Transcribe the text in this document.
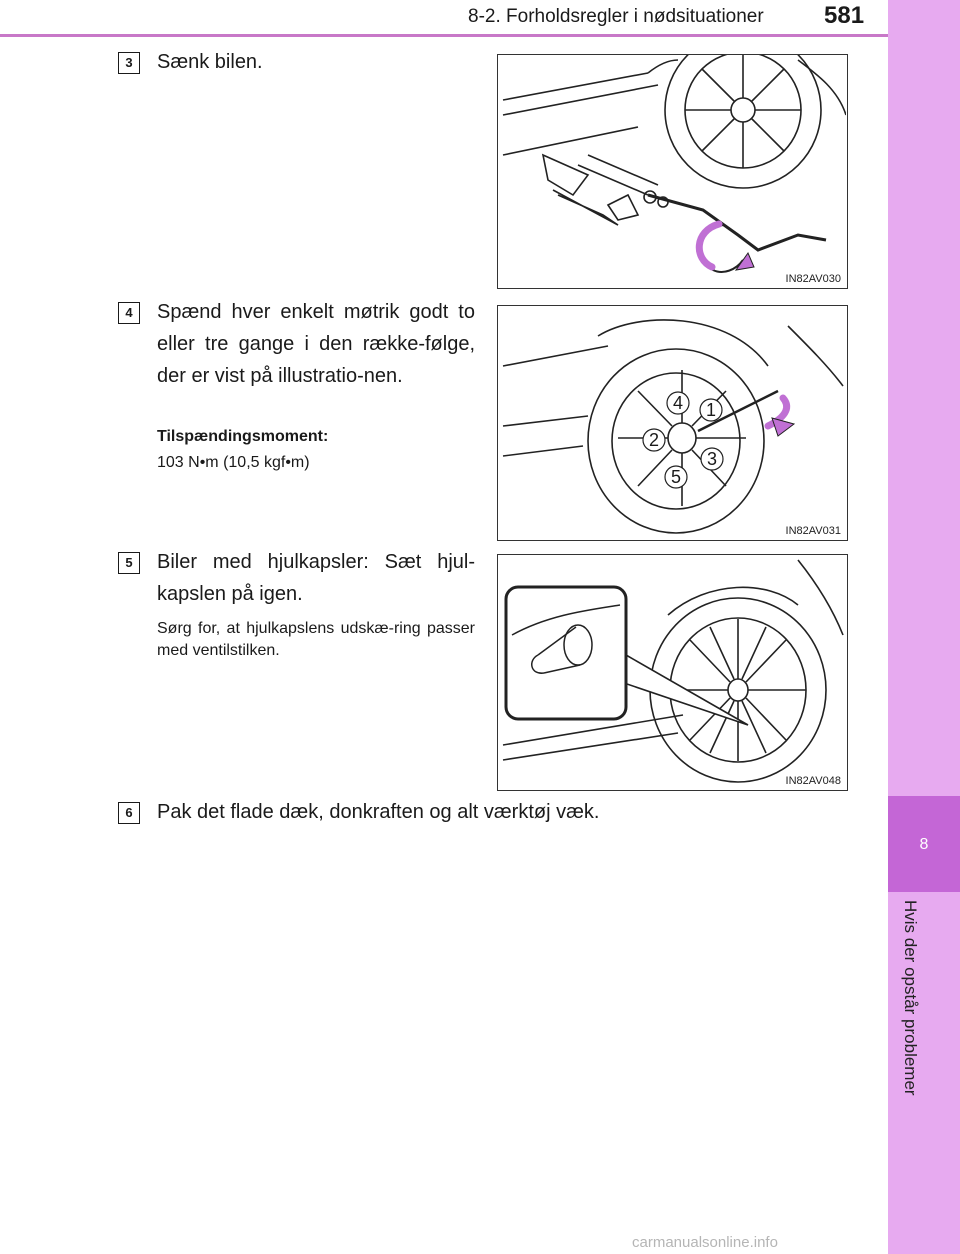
8-2. Forholdsregler i nødsituationer	581
8
Hvis der opstår problemer
3	Sænk bilen.
IN82AV030
4	Spænd hver enkelt møtrik godt to eller tre gange i den række-følge, der er vist på illustratio-nen.
Tilspændingsmoment:
103 N•m (10,5 kgf•m)
1
2
3
4
5
IN82AV031
5	Biler med hjulkapsler: Sæt hjul-kapslen på igen.
Sørg for, at hjulkapslens udskæ-ring passer med ventilstilken.
IN82AV048
6	Pak det flade dæk, donkraften og alt værktøj væk.
carmanualsonline.info
